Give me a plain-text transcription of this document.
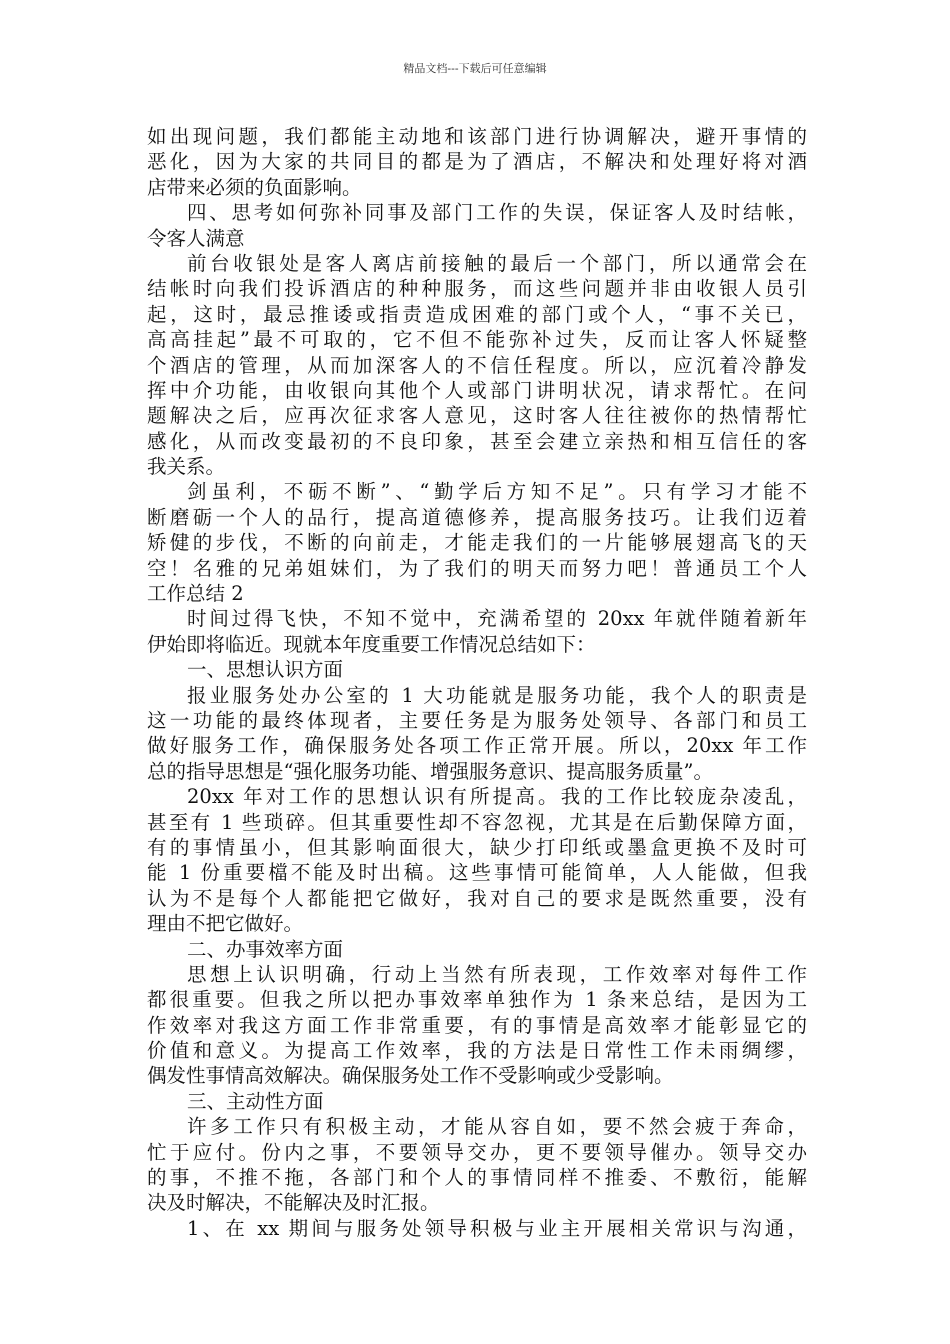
精品文档---下载后可任意编辑
如出现问题，我们都能主动地和该部门进行协调解决，避开事情的
恶化，因为大家的共同目的都是为了酒店，不解决和处理好将对酒
店带来必须的负面影响。
四、思考如何弥补同事及部门工作的失误，保证客人及时结帐，
令客人满意
前台收银处是客人离店前接触的最后一个部门，所以通常会在
结帐时向我们投诉酒店的种种服务，而这些问题并非由收银人员引
起，这时，最忌推诿或指责造成困难的部门或个人，“事不关已，
高高挂起”最不可取的，它不但不能弥补过失，反而让客人怀疑整
个酒店的管理，从而加深客人的不信任程度。所以，应沉着冷静发
挥中介功能，由收银向其他个人或部门讲明状况，请求帮忙。在问
题解决之后，应再次征求客人意见，这时客人往往被你的热情帮忙
感化，从而改变最初的不良印象，甚至会建立亲热和相互信任的客
我关系。
剑虽利，不砺不断”、“勤学后方知不足”。只有学习才能不
断磨砺一个人的品行，提高道德修养，提高服务技巧。让我们迈着
矫健的步伐，不断的向前走，才能走我们的一片能够展翅高飞的天
空！名雅的兄弟姐妹们，为了我们的明天而努力吧！普通员工个人
工作总结 2
时间过得飞快，不知不觉中，充满希望的 20xx 年就伴随着新年
伊始即将临近。现就本年度重要工作情况总结如下：
一、思想认识方面
报业服务处办公室的 1 大功能就是服务功能，我个人的职责是
这一功能的最终体现者，主要任务是为服务处领导、各部门和员工
做好服务工作，确保服务处各项工作正常开展。所以，20xx 年工作
总的指导思想是“强化服务功能、增强服务意识、提高服务质量”。
20xx 年对工作的思想认识有所提高。我的工作比较庞杂凌乱，
甚至有 1 些琐碎。但其重要性却不容忽视，尤其是在后勤保障方面，
有的事情虽小，但其影响面很大，缺少打印纸或墨盒更换不及时可
能 1 份重要檔不能及时出稿。这些事情可能简单，人人能做，但我
认为不是每个人都能把它做好，我对自己的要求是既然重要，没有
理由不把它做好。
二、办事效率方面
思想上认识明确，行动上当然有所表现，工作效率对每件工作
都很重要。但我之所以把办事效率单独作为 1 条来总结，是因为工
作效率对我这方面工作非常重要，有的事情是高效率才能彰显它的
价值和意义。为提高工作效率，我的方法是日常性工作未雨绸缪，
偶发性事情高效解决。确保服务处工作不受影响或少受影响。
三、主动性方面
许多工作只有积极主动，才能从容自如，要不然会疲于奔命，
忙于应付。份内之事，不要领导交办，更不要领导催办。领导交办
的事，不推不拖，各部门和个人的事情同样不推委、不敷衍，能解
决及时解决，不能解决及时汇报。
1、在 xx 期间与服务处领导积极与业主开展相关常识与沟通，
